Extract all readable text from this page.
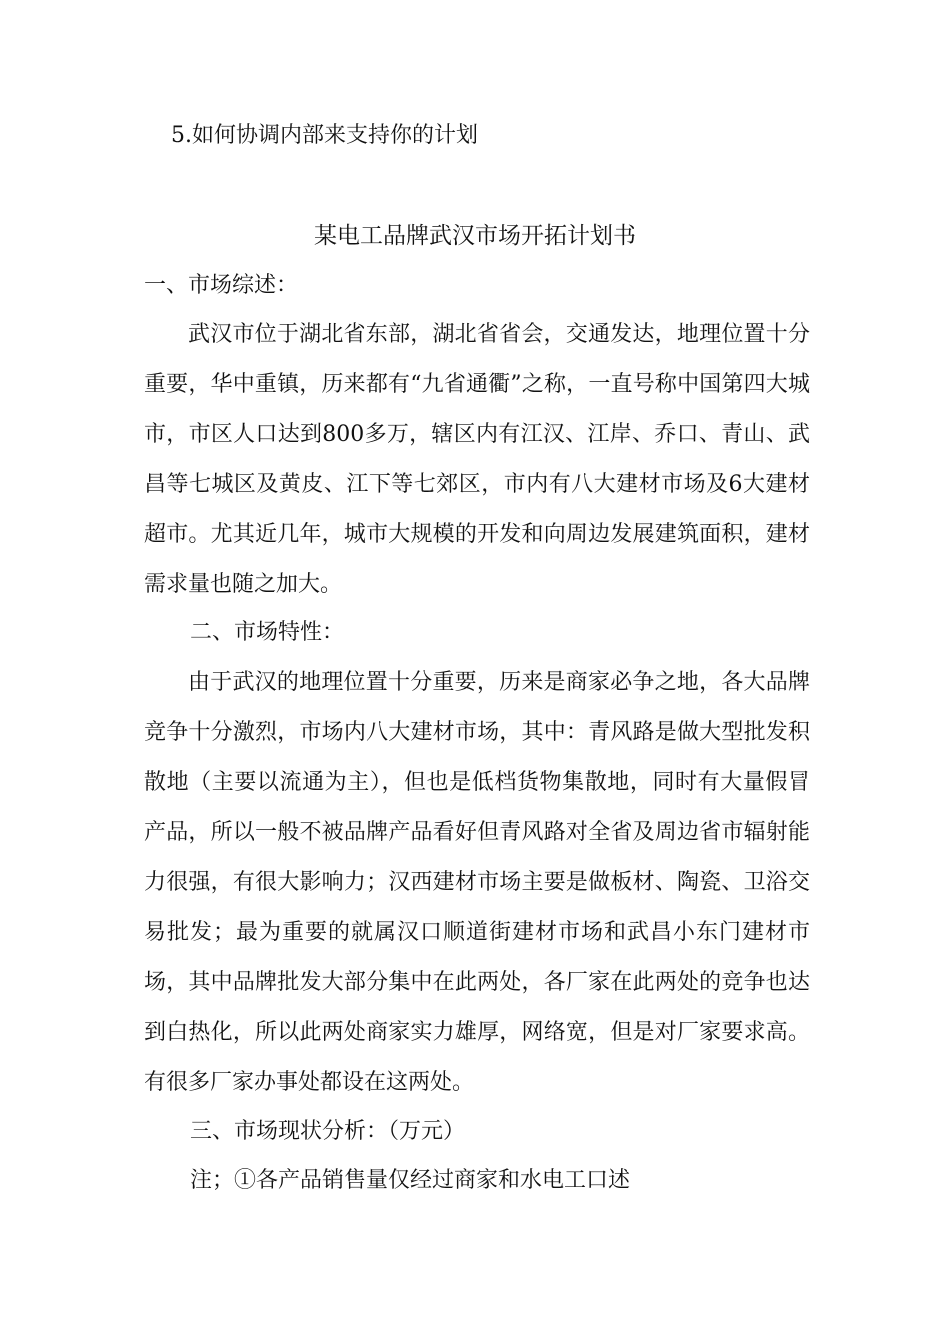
5.如何协调内部来支持你的计划
某电工品牌武汉市场开拓计划书
一、市场综述：
武汉市位于湖北省东部，湖北省省会，交通发达，地理位置十分重要，华中重镇，历来都有“九省通衢”之称，一直号称中国第四大城市，市区人口达到800多万，辖区内有江汉、江岸、乔口、青山、武昌等七城区及黄皮、江下等七郊区，市内有八大建材市场及6大建材超市。尤其近几年，城市大规模的开发和向周边发展建筑面积，建材需求量也随之加大。
二、市场特性：
由于武汉的地理位置十分重要，历来是商家必争之地，各大品牌竞争十分激烈，市场内八大建材市场，其中：青风路是做大型批发积散地（主要以流通为主），但也是低档货物集散地，同时有大量假冒产品，所以一般不被品牌产品看好但青风路对全省及周边省市辐射能力很强，有很大影响力；汉西建材市场主要是做板材、陶瓷、卫浴交易批发；最为重要的就属汉口顺道街建材市场和武昌小东门建材市场，其中品牌批发大部分集中在此两处，各厂家在此两处的竞争也达到白热化，所以此两处商家实力雄厚，网络宽，但是对厂家要求高。有很多厂家办事处都设在这两处。
三、市场现状分析：（万元）
注；①各产品销售量仅经过商家和水电工口述
